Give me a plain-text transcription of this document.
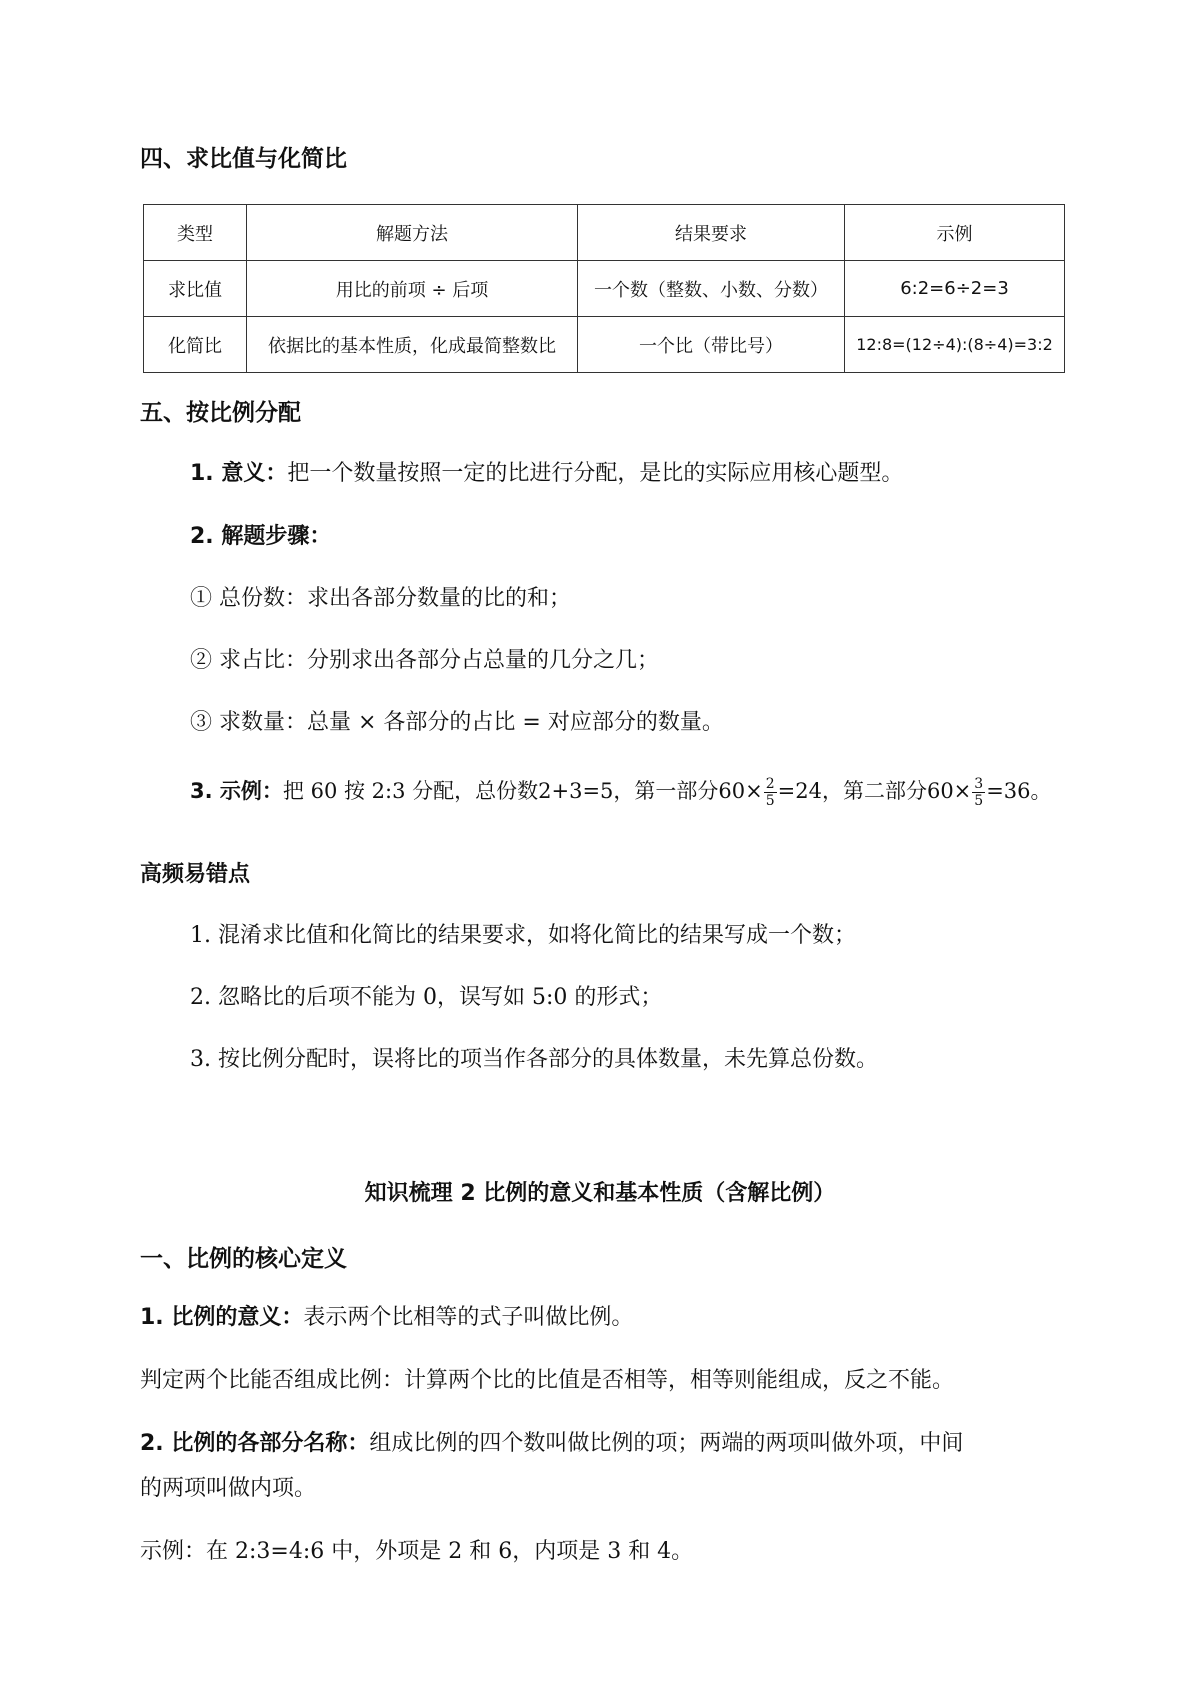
四、求比值与化简比
类型	解题方法	结果要求	示例
求比值	用比的前项 ÷ 后项	一个数（整数、小数、分数）	6:2=6÷2=3
化简比	依据比的基本性质，化成最简整数比	一个比（带比号）	12:8=(12÷4):(8÷4)=3:2
五、按比例分配
1. 意义：把一个数量按照一定的比进行分配，是比的实际应用核心题型。
2. 解题步骤：
① 总份数：求出各部分数量的比的和；
② 求占比：分别求出各部分占总量的几分之几；
③ 求数量：总量 × 各部分的占比 = 对应部分的数量。
3. 示例：把 60 按 2:3 分配，总份数2+3=5，第一部分$60\times \frac{2}{5} =24$，第二部分$60\times \frac{3}{5} =36$。
高频易错点
1. 混淆求比值和化简比的结果要求，如将化简比的结果写成一个数；
2. 忽略比的后项不能为 0，误写如 5:0 的形式；
3. 按比例分配时，误将比的项当作各部分的具体数量，未先算总份数。
知识梳理 2 比例的意义和基本性质（含解比例）
一、比例的核心定义
1. 比例的意义：表示两个比相等的式子叫做比例。
判定两个比能否组成比例：计算两个比的比值是否相等，相等则能组成，反之不能。
2. 比例的各部分名称：组成比例的四个数叫做比例的项；两端的两项叫做外项，中间
的两项叫做内项。
示例：在 2:3=4:6 中，外项是 2 和 6，内项是 3 和 4。
